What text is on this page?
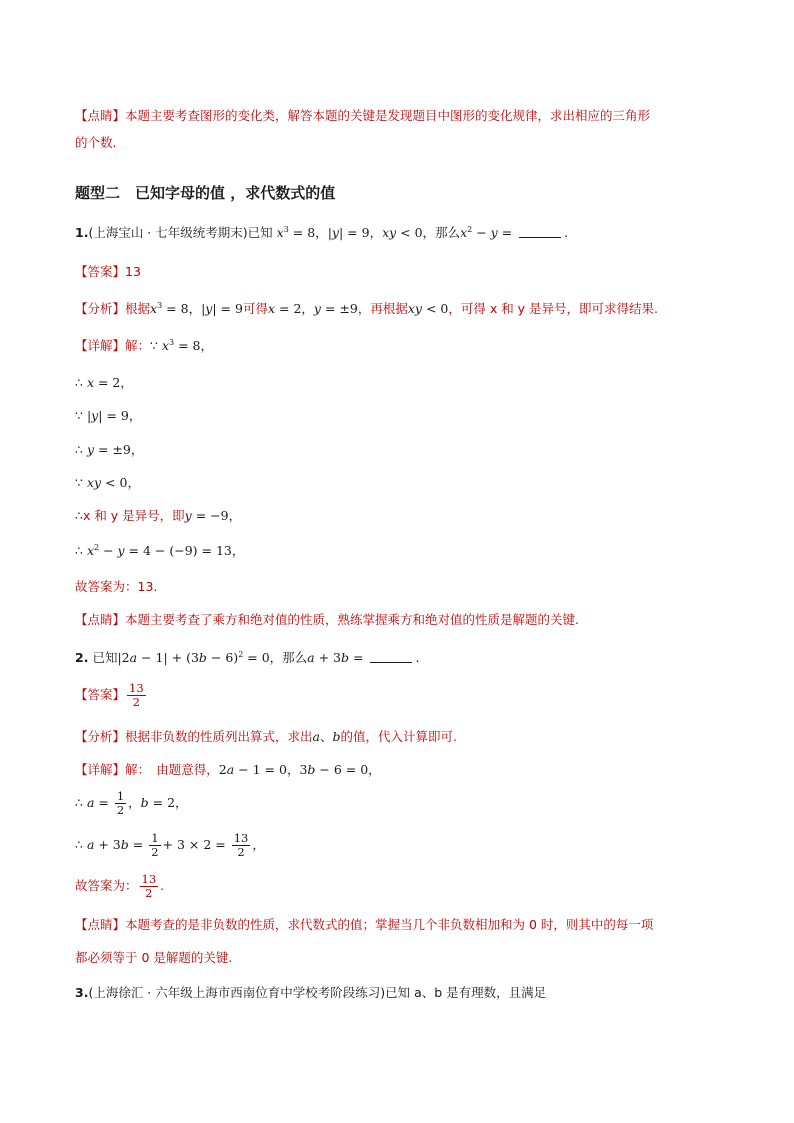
【点睛】本题主要考查图形的变化类，解答本题的关键是发现题目中图形的变化规律，求出相应的三角形
的个数.
题型二　已知字母的值 ，求代数式的值
1.(上海宝山 · 七年级统考期末)已知 $x^3 = 8$，|y| = 9，xy < 0，那么$x^2 - y$ =	.
【答案】13
【分析】根据$x^3 = 8$，|y| = 9可得x = 2，y = ±9，再根据xy < 0，可得 x 和 y 是异号，即可求得结果.
【详解】解：∵ $x^3 = 8$，
∴ x = 2，
∵ |y| = 9，
∴ y = ±9，
∵ xy < 0，
∴x 和 y 是异号，即y = −9，
∴ $x^2 - y = 4 - (-9) = 13$，
故答案为：13.
【点睛】本题主要考查了乘方和绝对值的性质，熟练掌握乘方和绝对值的性质是解题的关键.
2. 已知$|2a - 1| + (3b - 6)^2 = 0$，那么a + 3b =	.
【答案】 $\frac{13}{2}$
【分析】根据非负数的性质列出算式，求出a、b的值，代入计算即可.
【详解】解：　由题意得，2a − 1 = 0，3b − 6 = 0，
∴ $a = \frac{1}{2}$ ，b = 2，
∴ $a + 3b = \frac{1}{2} + 3 \times 2 = \frac{13}{2}$ ，
故答案为： $\frac{13}{2}$ .
【点睛】本题考查的是非负数的性质，求代数式的值；掌握当几个非负数相加和为 0 时，则其中的每一项
都必须等于 0 是解题的关键.
3.(上海徐汇 · 六年级上海市西南位育中学校考阶段练习)已知 a、b 是有理数，且满足
